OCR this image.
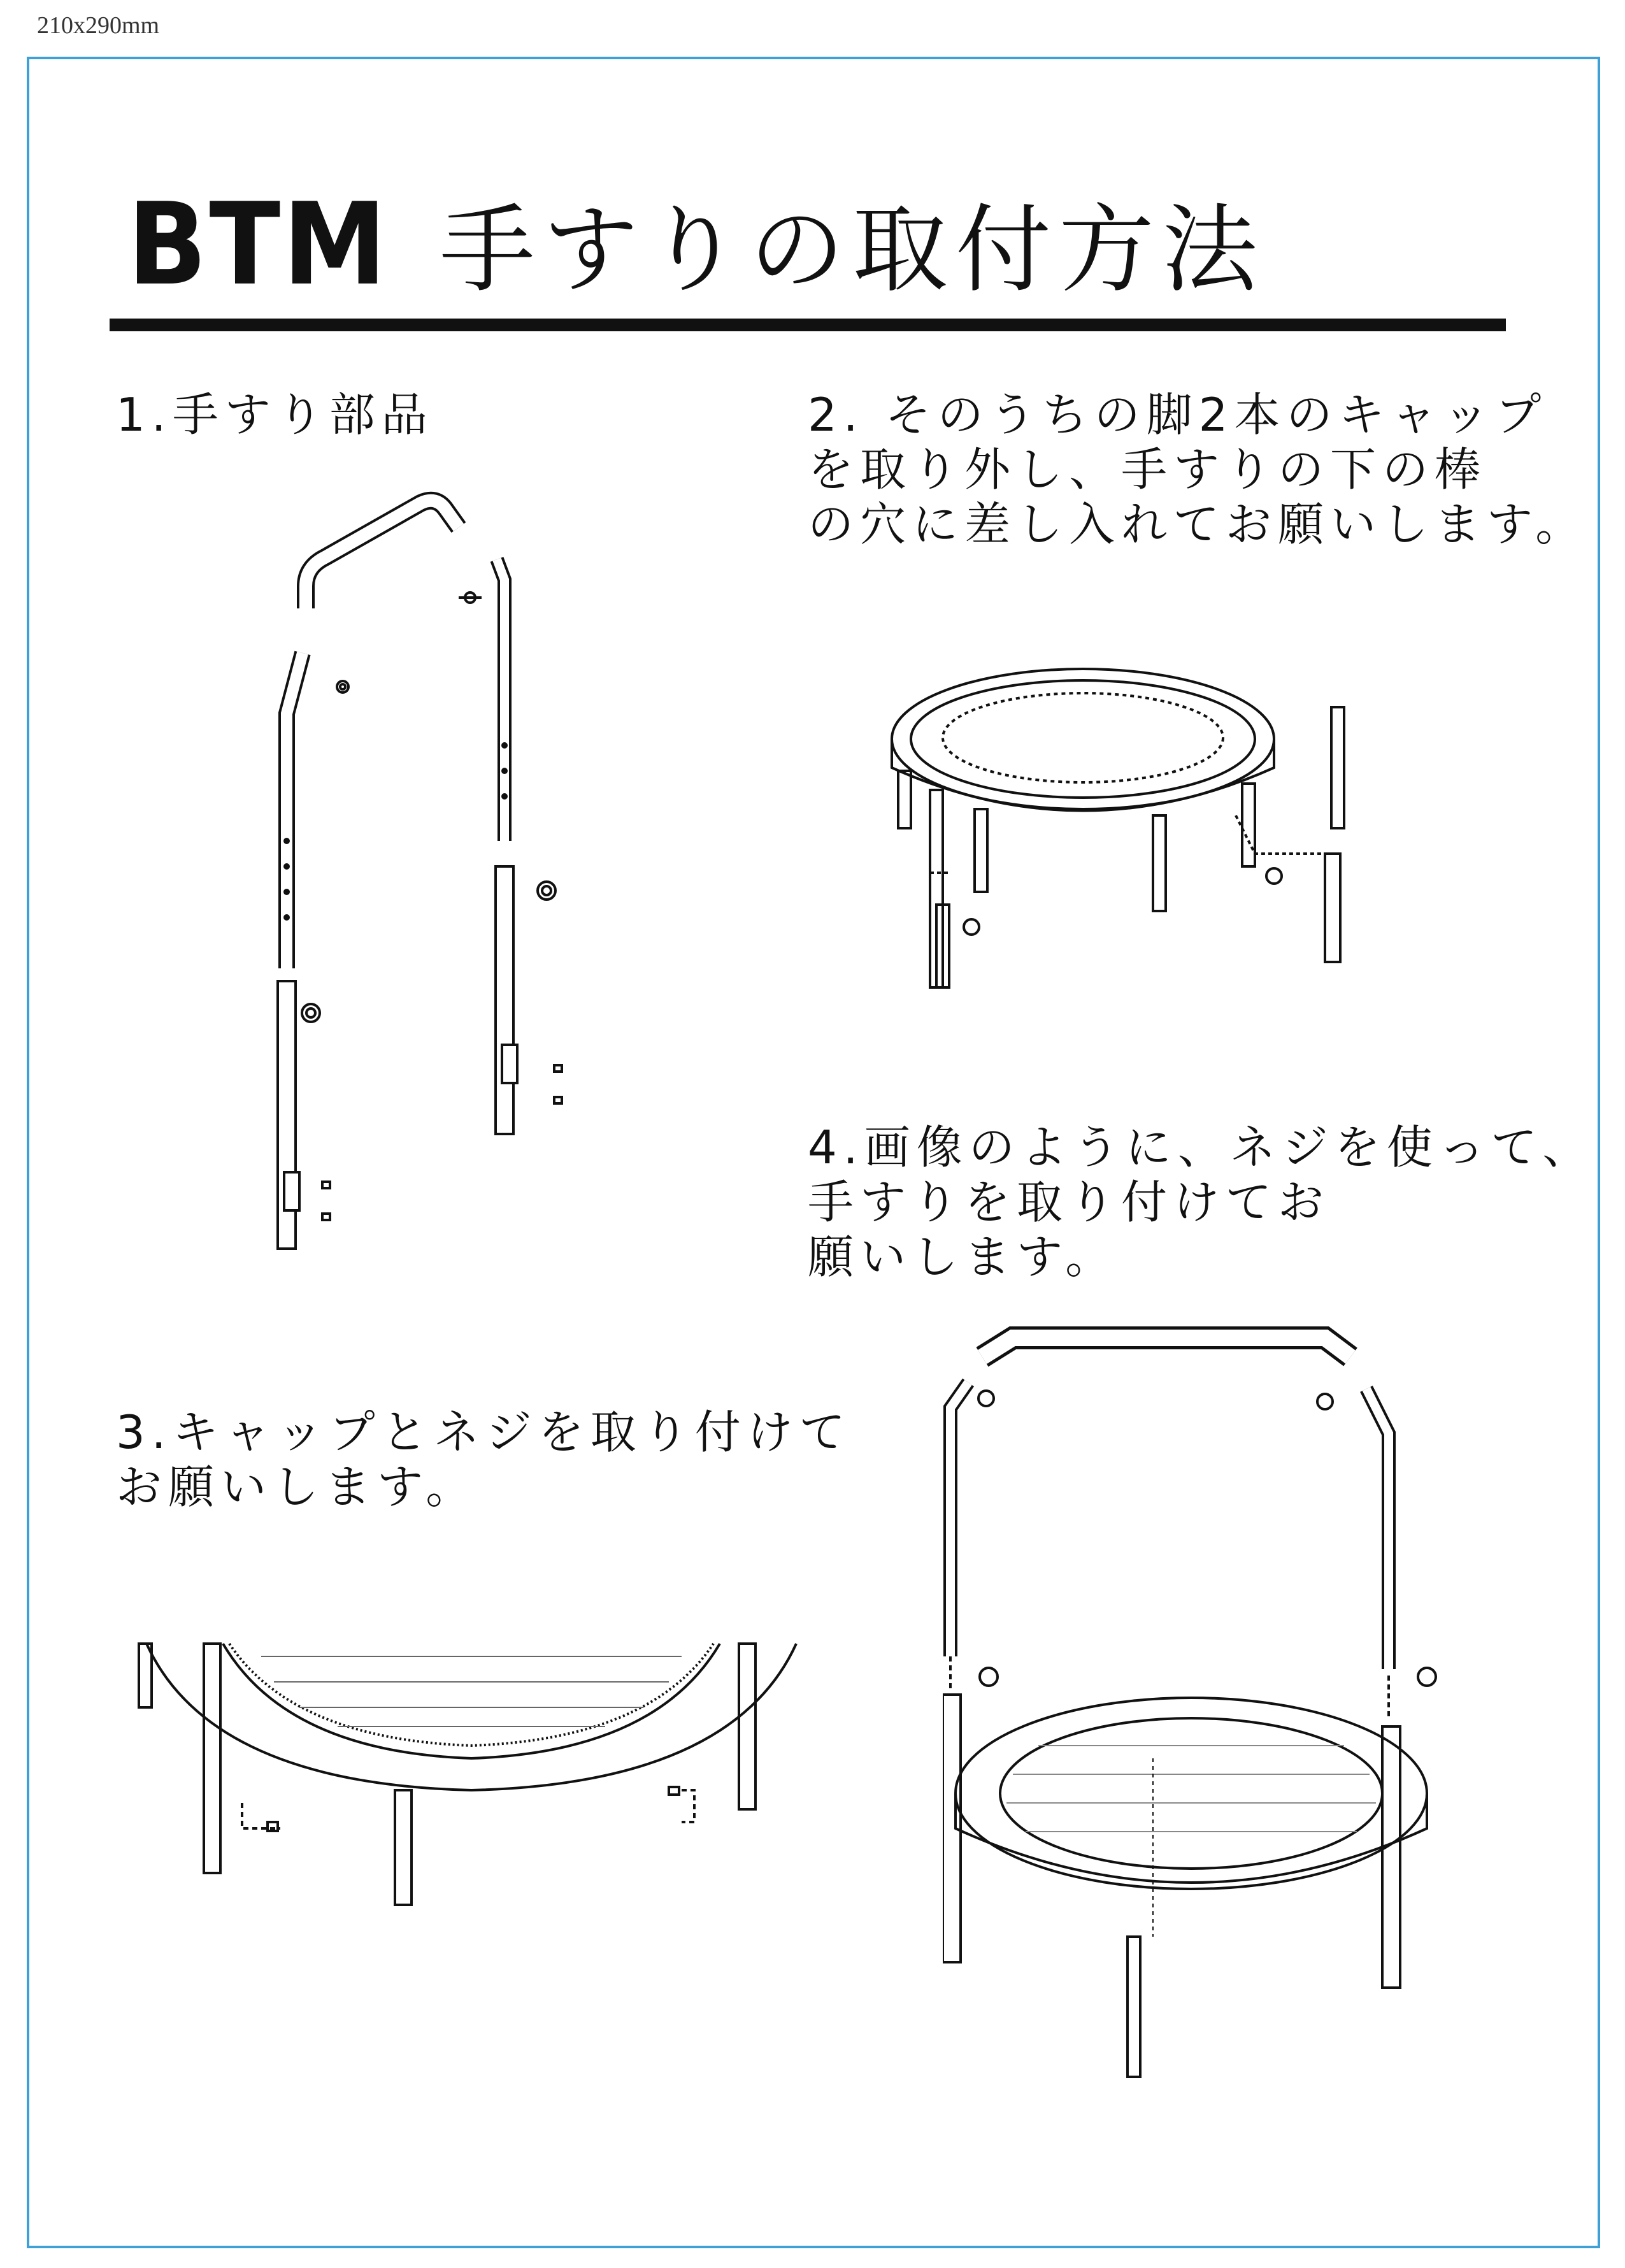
210x290mm
BTM 手すりの取付方法
1.手すり部品	2. そのうちの脚2本のキャップ
を取り外し、手すりの下の棒
の穴に差し入れてお願いします。
4.画像のように、ネジを使って、
手すりを取り付けてお
願いします。
3.キャップとネジを取り付けて
お願いします。
